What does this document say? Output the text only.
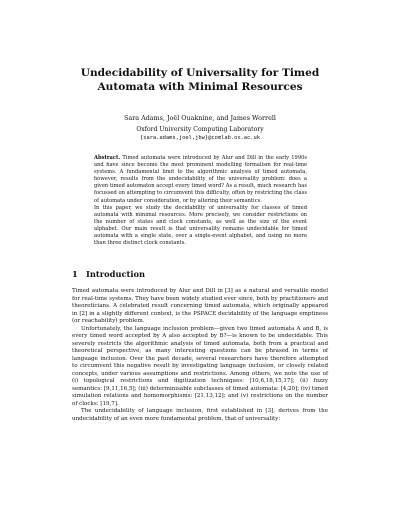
Undecidability of Universality for Timed
Automata with Minimal Resources
Sara Adams, Joël Ouaknine, and James Worrell
Oxford University Computing Laboratory
{sara.adams,joel,jbw}@comlab.ox.ac.uk

Abstract. Timed automata were introduced by Alur and Dill in the early 1990s and have since become the most prominent modelling formalism for real-time systems. A fundamental limit to the algorithmic analysis of timed automata, however, results from the undecidability of the universality problem: does a given timed automaton accept every timed word? As a result, much research has focussed on attempting to circumvent this difficulty, often by restricting the class of automata under consideration, or by altering their semantics.

In this paper, we study the decidability of universality for classes of timed automata with minimal resources. More precisely, we consider restrictions on the number of states and clock constants, as well as the size of the event alphabet. Our main result is that universality remains undecidable for timed automata with a single state, over a single-event alphabet, and using no more than three distinct clock constants.

1 Introduction

Timed automata were introduced by Alur and Dill in [3] as a natural and versatile model for real-time systems. They have been widely studied ever since, both by practitioners and theoreticians. A celebrated result concerning timed automata, which originally appeared in [2] in a slightly different context, is the PSPACE decidability of the language emptiness (or reachability) problem.

Unfortunately, the language inclusion problem—given two timed automata A and B, is every timed word accepted by A also accepted by B?—is known to be undecidable. This severely restricts the algorithmic analysis of timed automata, both from a practical and theoretical perspective, as many interesting questions can be phrased in terms of language inclusion. Over the past decade, several researchers have therefore attempted to circumvent this negative result by investigating language inclusion, or closely related concepts, under various assumptions and restrictions. Among others, we note the use of (i) topological restrictions and digitization techniques: [10,6,18,15,17]; (ii) fuzzy semantics: [9,11,16,5]; (iii) determinisable subclasses of timed automata: [4,20]; (iv) timed simulation relations and homomorphisms: [21,13,12]; and (v) restrictions on the number of clocks: [19,7].

The undecidability of language inclusion, first established in [3], derives from the undecidability of an even more fundamental problem, that of universality:
